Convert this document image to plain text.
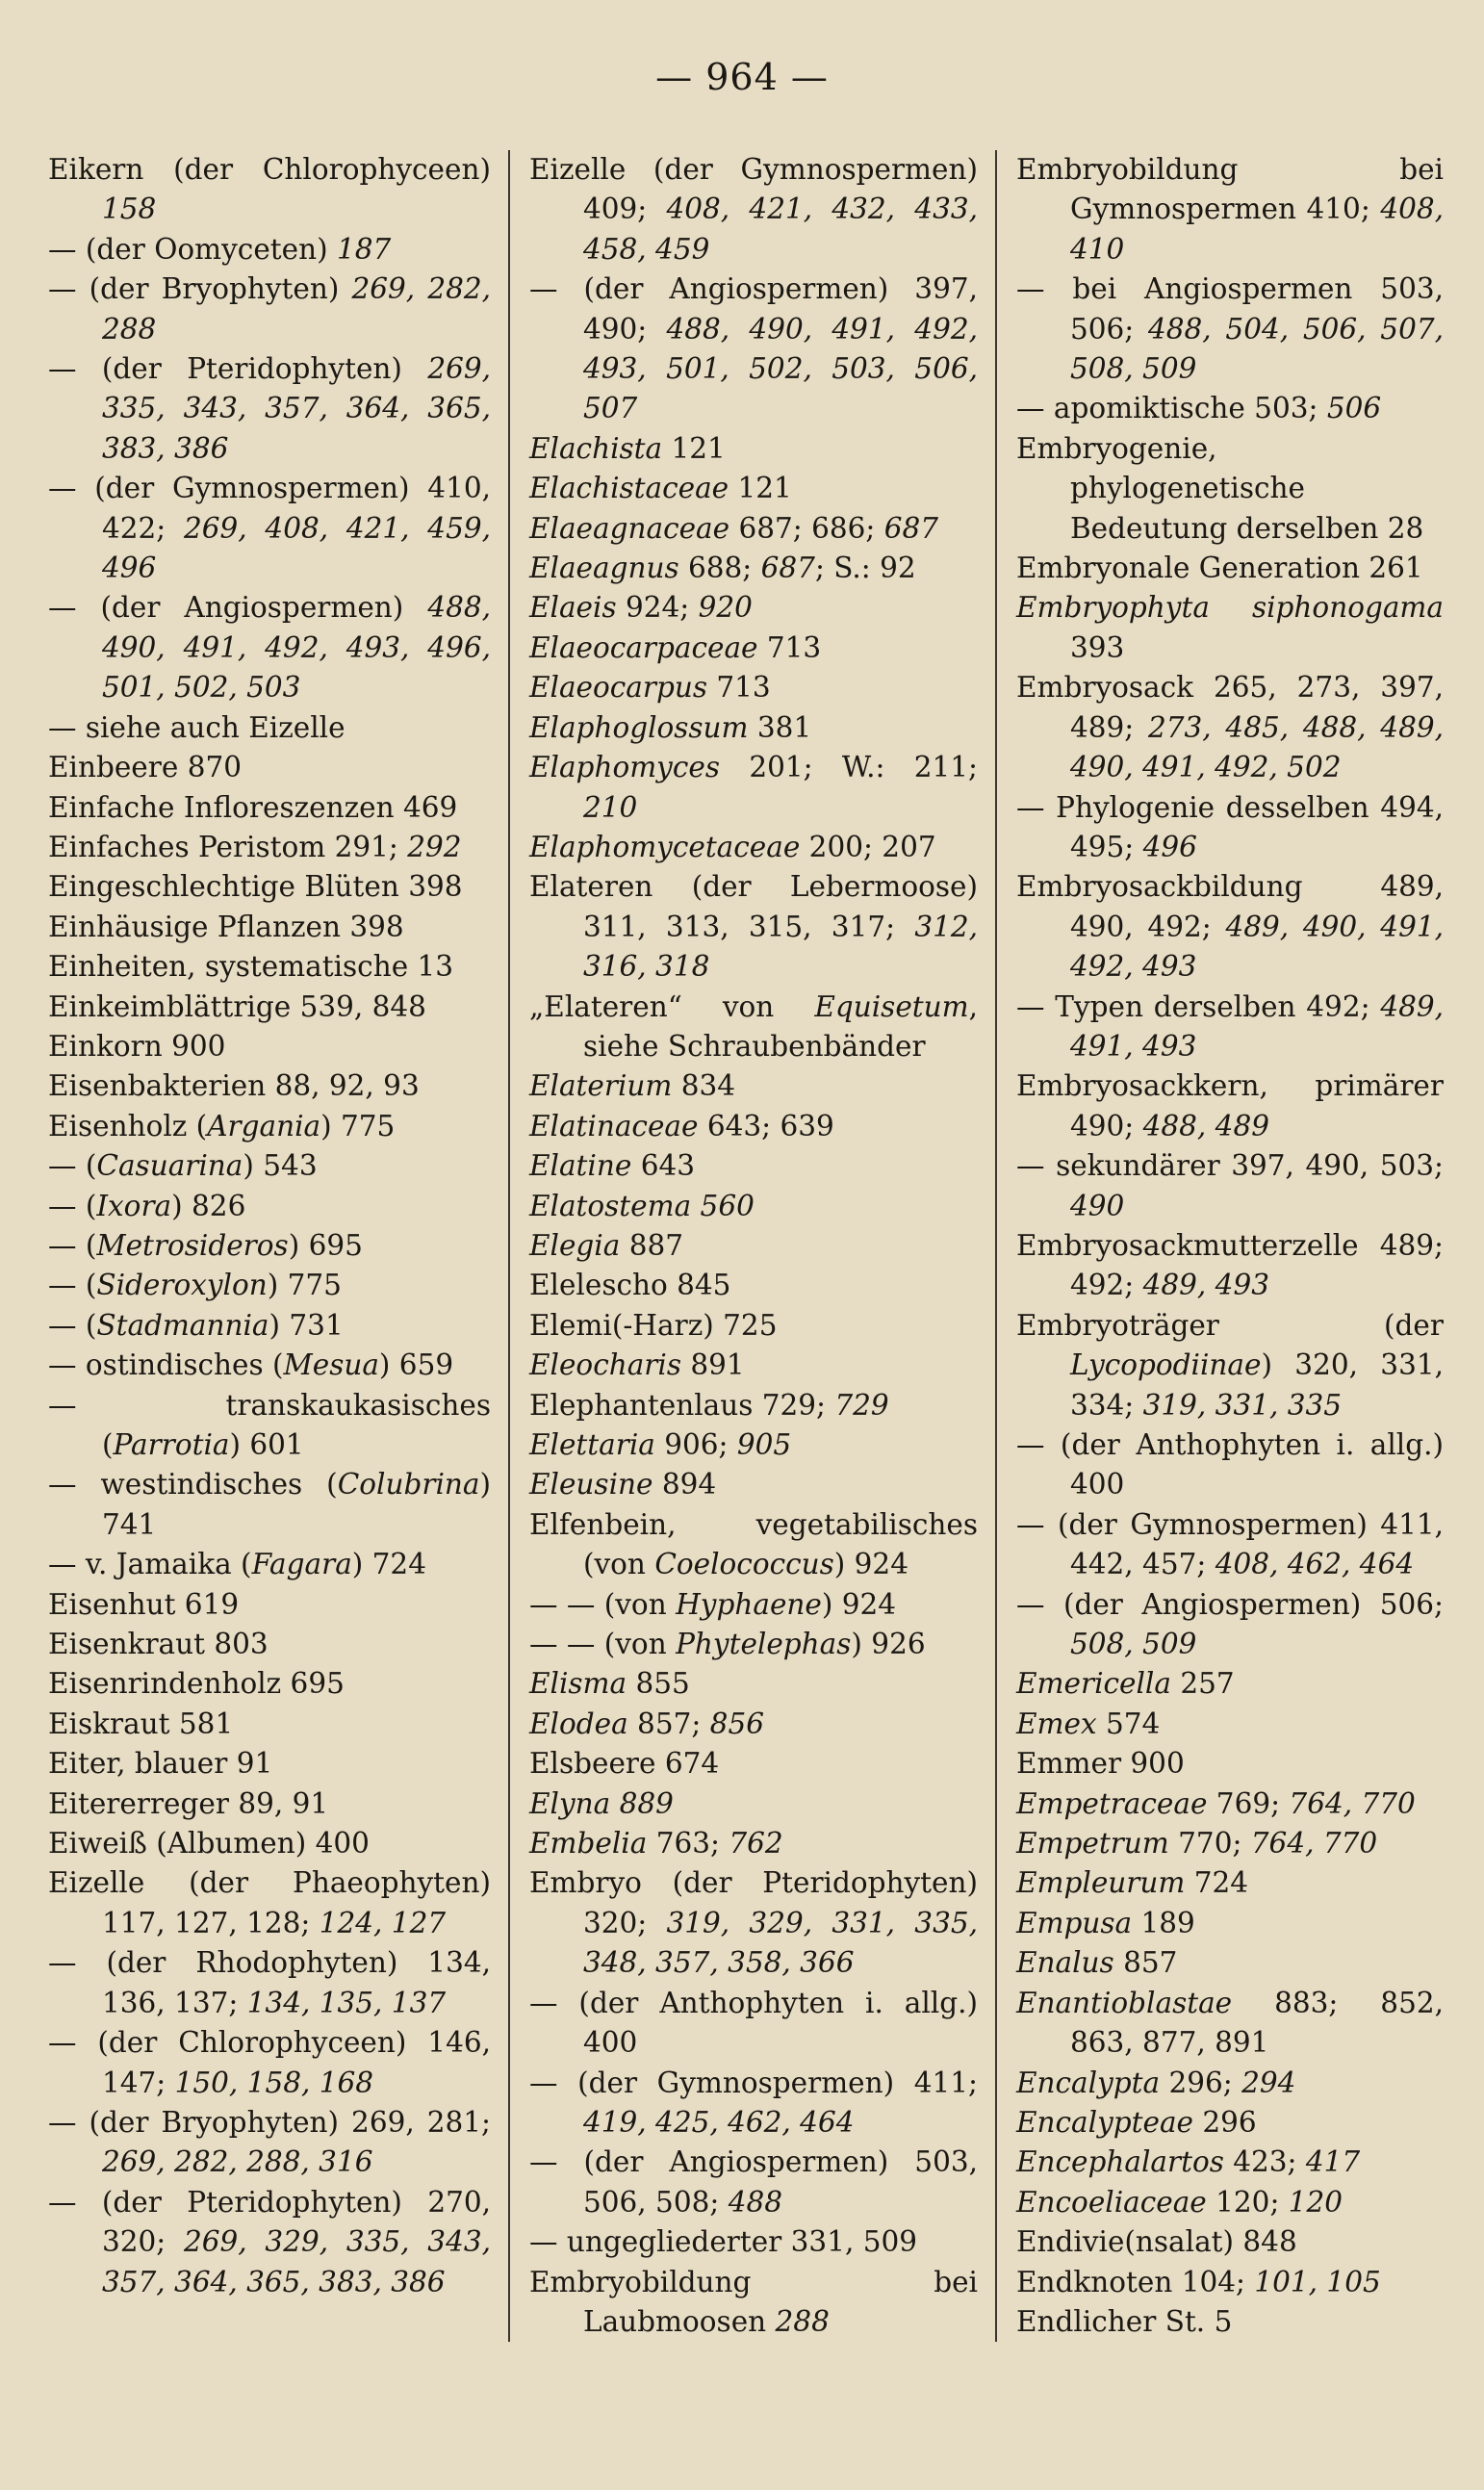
— 964 —
Eikern (der Chlorophyceen) 158
— (der Oomyceten) 187
— (der Bryophyten) 269, 282, 288
— (der Pteridophyten) 269, 335, 343, 357, 364, 365, 383, 386
— (der Gymnospermen) 410, 422; 269, 408, 421, 459, 496
— (der Angiospermen) 488, 490, 491, 492, 493, 496, 501, 502, 503
— siehe auch Eizelle
Einbeere 870
Einfache Infloreszenzen 469
Einfaches Peristom 291; 292
Eingeschlechtige Blüten 398
Einhäusige Pflanzen 398
Einheiten, systematische 13
Einkeimblättrige 539, 848
Einkorn 900
Eisenbakterien 88, 92, 93
Eisenholz (Argania) 775
— (Casuarina) 543
— (Ixora) 826
— (Metrosideros) 695
— (Sideroxylon) 775
— (Stadmannia) 731
— ostindisches (Mesua) 659
— transkaukasisches (Parrotia) 601
— westindisches (Colubrina) 741
— v. Jamaika (Fagara) 724
Eisenhut 619
Eisenkraut 803
Eisenrindenholz 695
Eiskraut 581
Eiter, blauer 91
Eitererreger 89, 91
Eiweiß (Albumen) 400
Eizelle (der Phaeophyten) 117, 127, 128; 124, 127
— (der Rhodophyten) 134, 136, 137; 134, 135, 137
— (der Chlorophyceen) 146, 147; 150, 158, 168
— (der Bryophyten) 269, 281; 269, 282, 288, 316
— (der Pteridophyten) 270, 320; 269, 329, 335, 343, 357, 364, 365, 383, 386
Eizelle (der Gymnospermen) 409; 408, 421, 432, 433, 458, 459
— (der Angiospermen) 397, 490; 488, 490, 491, 492, 493, 501, 502, 503, 506, 507
Elachista 121
Elachistaceae 121
Elaeagnaceae 687; 686; 687
Elaeagnus 688; 687; S.: 92
Elaeis 924; 920
Elaeocarpaceae 713
Elaeocarpus 713
Elaphoglossum 381
Elaphomyces 201; W.: 211; 210
Elaphomycetaceae 200; 207
Elateren (der Lebermoose) 311, 313, 315, 317; 312, 316, 318
„Elateren“ von Equisetum, siehe Schraubenbänder
Elaterium 834
Elatinaceae 643; 639
Elatine 643
Elatostema 560
Elegia 887
Elelescho 845
Elemi(-Harz) 725
Eleocharis 891
Elephantenlaus 729; 729
Elettaria 906; 905
Eleusine 894
Elfenbein, vegetabilisches (von Coelococcus) 924
— — (von Hyphaene) 924
— — (von Phytelephas) 926
Elisma 855
Elodea 857; 856
Elsbeere 674
Elyna 889
Embelia 763; 762
Embryo (der Pteridophyten) 320; 319, 329, 331, 335, 348, 357, 358, 366
— (der Anthophyten i. allg.) 400
— (der Gymnospermen) 411; 419, 425, 462, 464
— (der Angiospermen) 503, 506, 508; 488
— ungegliederter 331, 509
Embryobildung bei Laubmoosen 288
Embryobildung bei Gymnospermen 410; 408, 410
— bei Angiospermen 503, 506; 488, 504, 506, 507, 508, 509
— apomiktische 503; 506
Embryogenie, phylogenetische Bedeutung derselben 28
Embryonale Generation 261
Embryophyta siphonogama 393
Embryosack 265, 273, 397, 489; 273, 485, 488, 489, 490, 491, 492, 502
— Phylogenie desselben 494, 495; 496
Embryosackbildung 489, 490, 492; 489, 490, 491, 492, 493
— Typen derselben 492; 489, 491, 493
Embryosackkern, primärer 490; 488, 489
— sekundärer 397, 490, 503; 490
Embryosackmutterzelle 489; 492; 489, 493
Embryoträger (der Lycopodiinae) 320, 331, 334; 319, 331, 335
— (der Anthophyten i. allg.) 400
— (der Gymnospermen) 411, 442, 457; 408, 462, 464
— (der Angiospermen) 506; 508, 509
Emericella 257
Emex 574
Emmer 900
Empetraceae 769; 764, 770
Empetrum 770; 764, 770
Empleurum 724
Empusa 189
Enalus 857
Enantioblastae 883; 852, 863, 877, 891
Encalypta 296; 294
Encalypteae 296
Encephalartos 423; 417
Encoeliaceae 120; 120
Endivie(nsalat) 848
Endknoten 104; 101, 105
Endlicher St. 5
